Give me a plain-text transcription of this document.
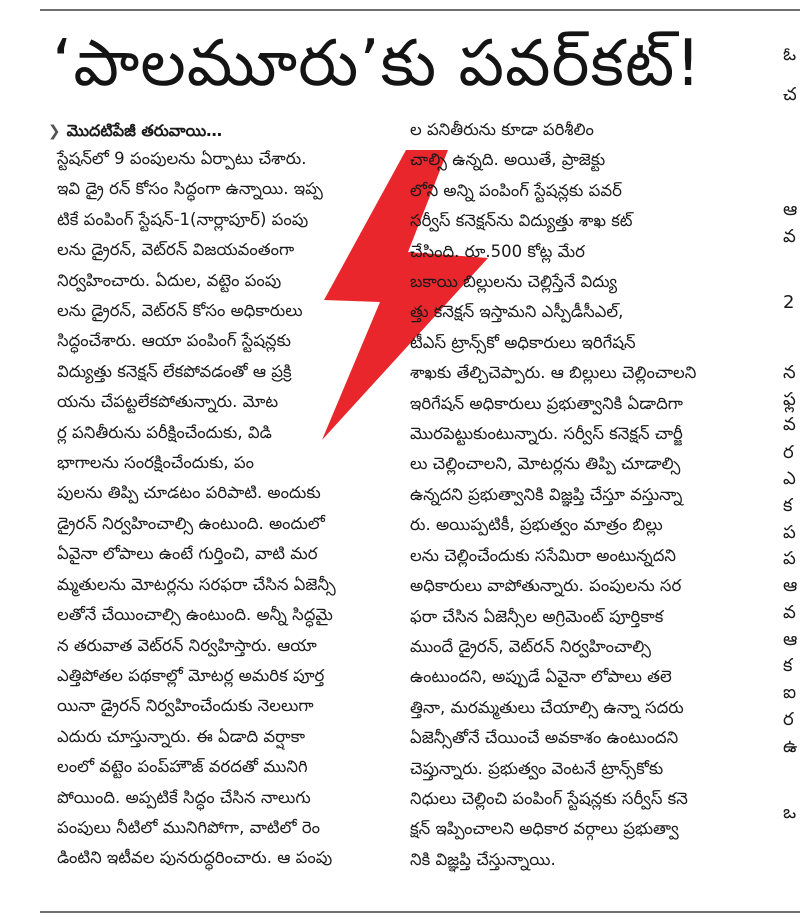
‘పాలమూరు’కు పవర్‌కట్‌!
❯ మొదటిపేజీ తరువాయి…

స్టేషన్‌లో 9 పంపులను ఏర్పాటు చేశారు.

ఇవి డ్రై రన్‌ కోసం సిద్ధంగా ఉన్నాయి. ఇప్ప

టికే పంపింగ్‌ స్టేషన్‌-1(నార్లాపూర్‌) పంపు

లను డ్రైరన్‌, వెట్‌రన్‌ విజయవంతంగా

నిర్వహించారు. ఏదుల, వట్టెం పంపు

లను డ్రైరన్‌, వెట్‌రన్‌ కోసం అధికారులు

సిద్ధంచేశారు. ఆయా పంపింగ్‌ స్టేషన్లకు

విద్యుత్తు కనెక్షన్‌ లేకపోవడంతో ఆ ప్రక్రి

యను చేపట్టలేకపోతున్నారు. మోట

ర్ల పనితీరును పరీక్షించేందుకు, విడి

భాగాలను సంరక్షించేందుకు, పం

పులను తిప్పి చూడటం పరిపాటి. అందుకు

డ్రైరన్‌ నిర్వహించాల్సి ఉంటుంది. అందులో

ఏవైనా లోపాలు ఉంటే గుర్తించి, వాటి మర

మ్మతులను మోటర్లను సరఫరా చేసిన ఏజెన్సీ

లతోనే చేయించాల్సి ఉంటుంది. అన్నీ సిద్ధమై

న తరువాత వెట్‌రన్‌ నిర్వహిస్తారు. ఆయా

ఎత్తిపోతల పథకాల్లో మోటర్ల అమరిక పూర్త

యినా డ్రైరన్‌ నిర్వహించేందుకు నెలలుగా

ఎదురు చూస్తున్నారు. ఈ ఏడాది వర్షాకా

లంలో వట్టెం పంప్‌హౌజ్‌ వరదతో మునిగి

పోయింది. అప్పటికే సిద్ధం చేసిన నాలుగు

పంపులు నీటిలో మునిగిపోగా, వాటిలో రెం

డింటిని ఇటీవల పునరుద్ధరించారు. ఆ పంపు

ల పనితీరును కూడా పరిశీలిం

చాల్సి ఉన్నది. అయితే, ప్రాజెక్టు

లోని అన్ని పంపింగ్‌ స్టేషన్లకు పవర్‌

సర్వీస్‌ కనెక్షన్‌ను విద్యుత్తు శాఖ కట్‌

చేసింది. రూ.500 కోట్ల మేర

బకాయి బిల్లులను చెల్లిస్తేనే విద్యు

త్తు కనెక్షన్‌ ఇస్తామని ఎస్పీడీసీఎల్‌,

టీఎస్‌ ట్రాన్స్‌కో అధికారులు ఇరిగేషన్‌

శాఖకు తేల్చిచెప్పారు. ఆ బిల్లులు చెల్లించాలని

ఇరిగేషన్‌ అధికారులు ప్రభుత్వానికి ఏడాదిగా

మొరపెట్టుకుంటున్నారు. సర్వీస్‌ కనెక్షన్‌ చార్జీ

లు చెల్లించాలని, మోటర్లను తిప్పి చూడాల్సి

ఉన్నదని ప్రభుత్వానికి విజ్ఞప్తి చేస్తూ వస్తున్నా

రు. అయిప్పటికీ, ప్రభుత్వం మాత్రం బిల్లు

లను చెల్లించేందుకు ససేమిరా అంటున్నదని

అధికారులు వాపోతున్నారు. పంపులను సర

ఫరా చేసిన ఏజెన్సీల అగ్రిమెంట్‌ పూర్తికాక

ముందే డ్రైరన్‌, వెట్‌రన్‌ నిర్వహించాల్సి

ఉంటుందని, అప్పుడే ఏవైనా లోపాలు తలె

త్తినా, మరమ్మతులు చేయాల్సి ఉన్నా సదరు

ఏజెన్సీతోనే చేయించే అవకాశం ఉంటుందని

చెప్తున్నారు. ప్రభుత్వం వెంటనే ట్రాన్స్‌కోకు

నిధులు చెల్లించి పంపింగ్‌ స్టేషన్లకు సర్వీస్‌ కనె

క్షన్‌ ఇప్పించాలని అధికార వర్గాలు ప్రభుత్వా

నికి విజ్ఞప్తి చేస్తున్నాయి.

ఓ
చ
ఆ
వ
2
న
ఫ్ల
వ
ర
ఎ
క
ప
ప
ఆ
వ
ఆ
క
ఐ
ర
ఉ
ఒ
